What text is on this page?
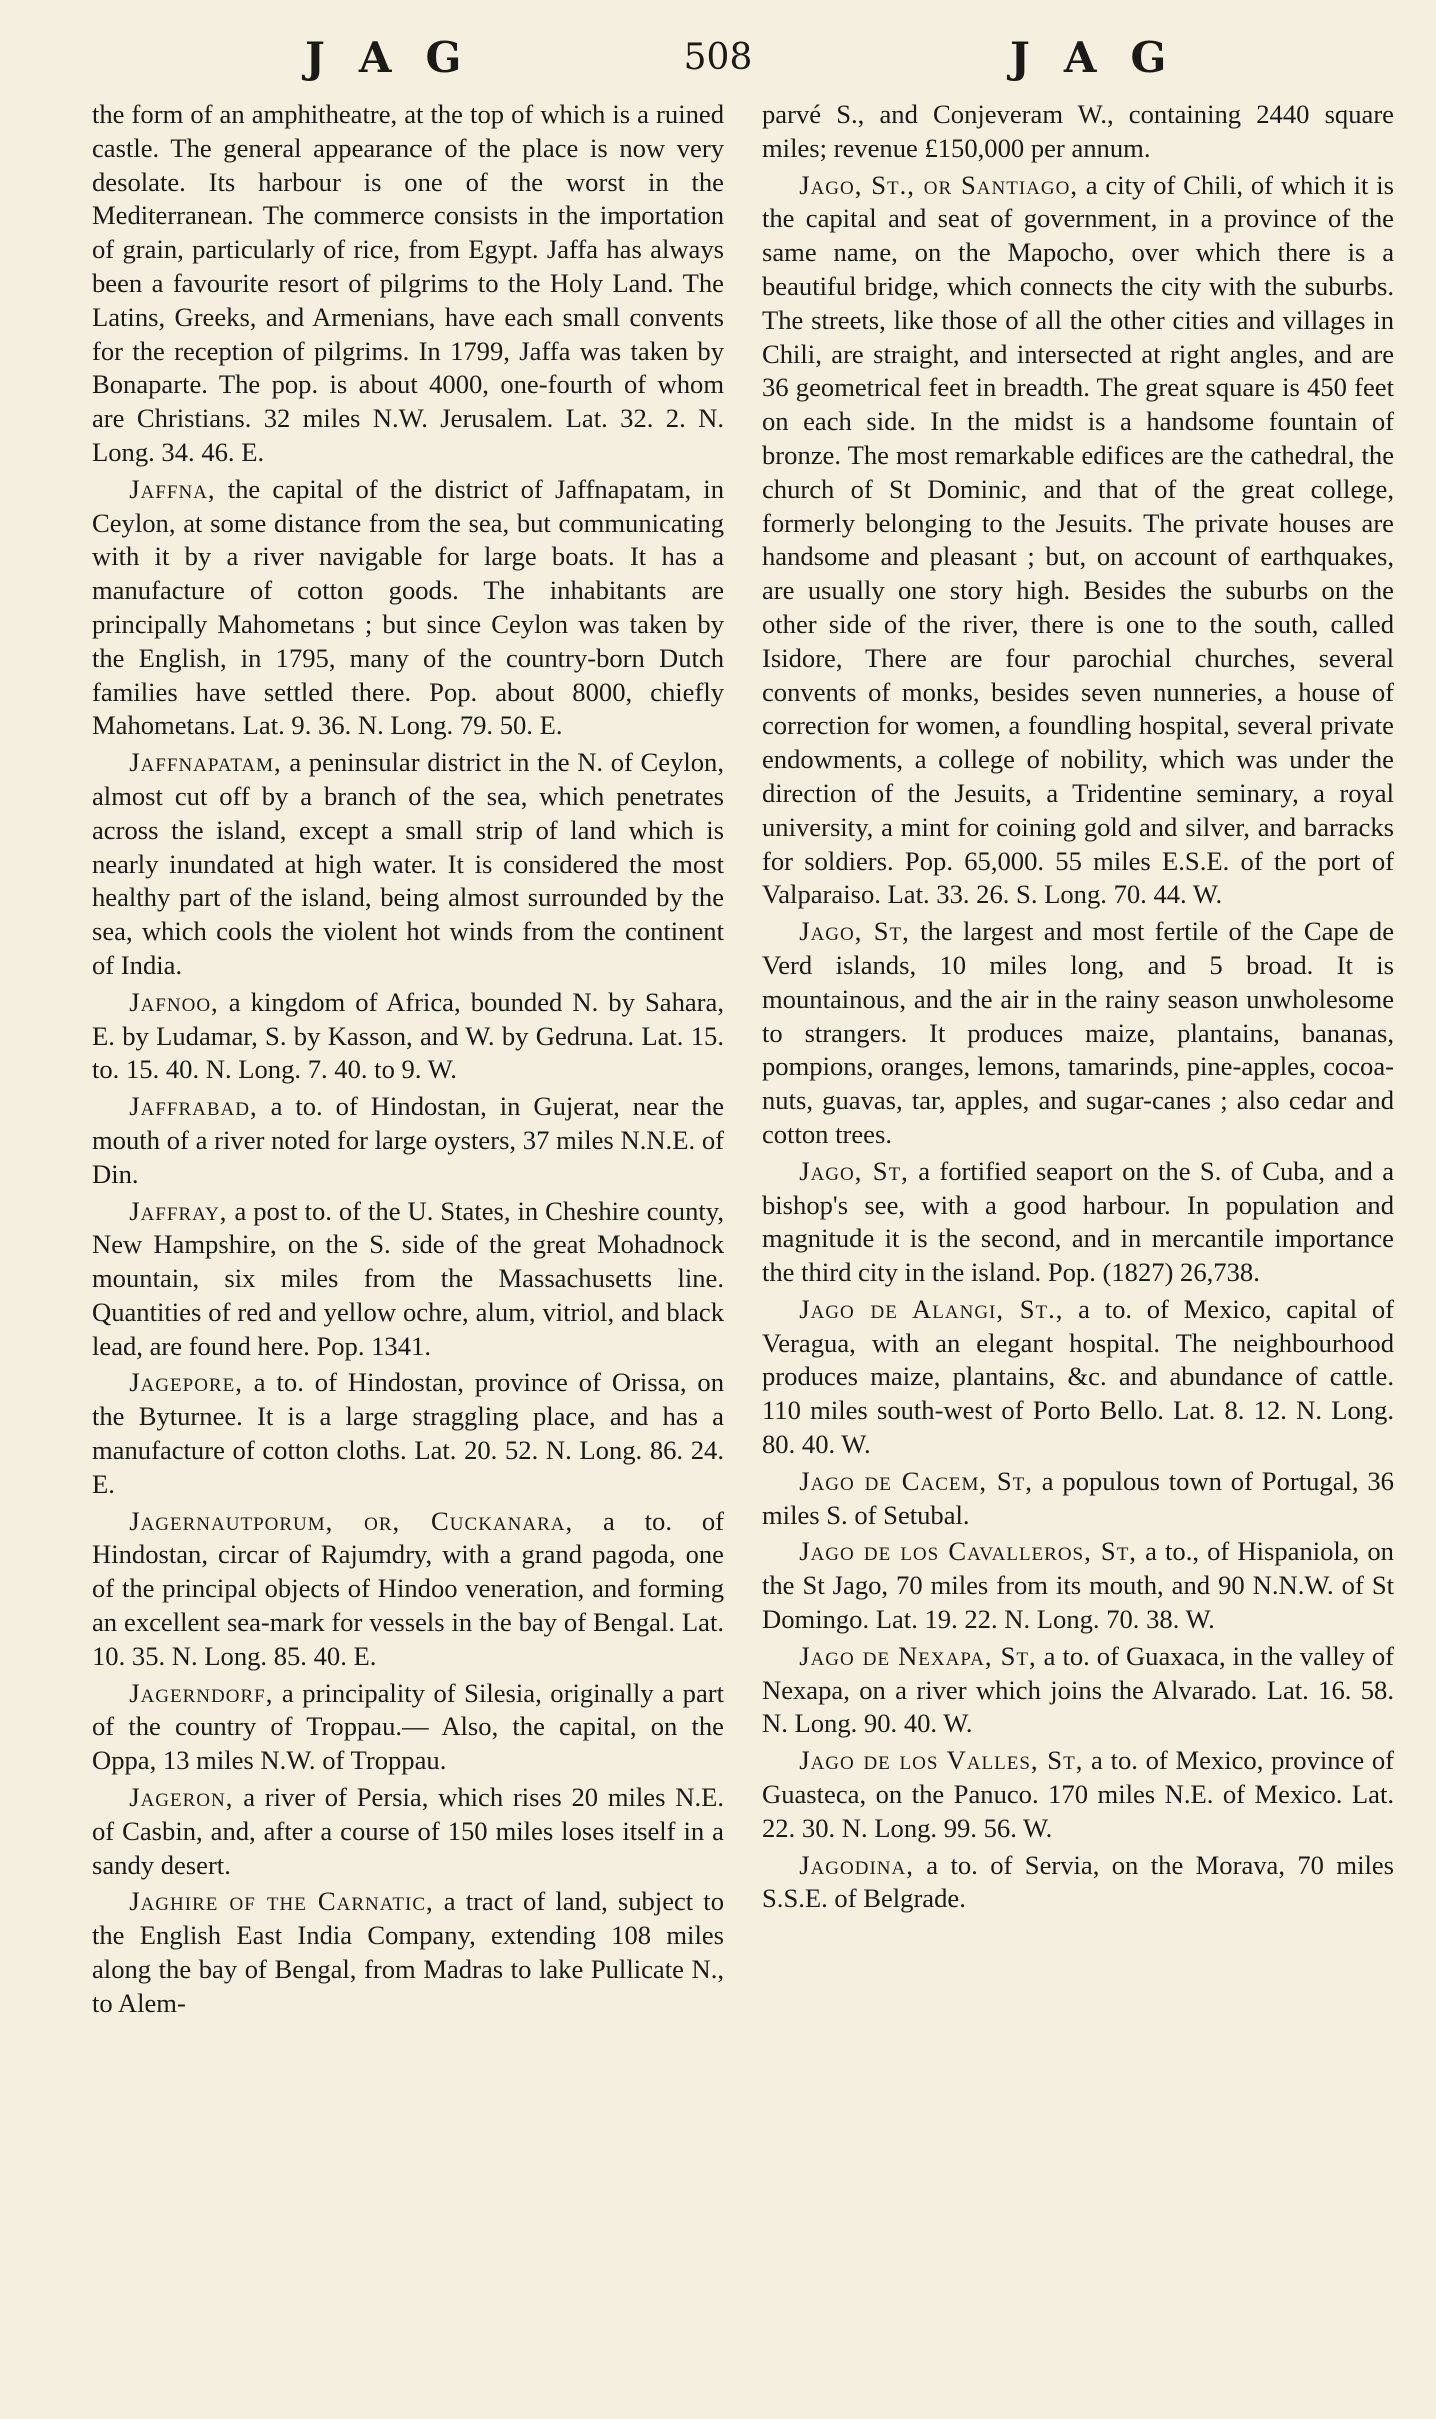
JAG	508	JAG

the form of an amphitheatre, at the top of which is a ruined castle. The general appearance of the place is now very desolate. Its harbour is one of the worst in the Mediterranean. The commerce consists in the importation of grain, particularly of rice, from Egypt. Jaffa has always been a favourite resort of pilgrims to the Holy Land. The Latins, Greeks, and Armenians, have each small convents for the reception of pilgrims. In 1799, Jaffa was taken by Bonaparte. The pop. is about 4000, one-fourth of whom are Christians. 32 miles N.W. Jerusalem. Lat. 32. 2. N. Long. 34. 46. E.

Jaffna, the capital of the district of Jaffnapatam, in Ceylon, at some distance from the sea, but communicating with it by a river navigable for large boats. It has a manufacture of cotton goods. The inhabitants are principally Mahometans ; but since Ceylon was taken by the English, in 1795, many of the country-born Dutch families have settled there. Pop. about 8000, chiefly Mahometans. Lat. 9. 36. N. Long. 79. 50. E.

Jaffnapatam, a peninsular district in the N. of Ceylon, almost cut off by a branch of the sea, which penetrates across the island, except a small strip of land which is nearly inundated at high water. It is considered the most healthy part of the island, being almost surrounded by the sea, which cools the violent hot winds from the continent of India.

Jafnoo, a kingdom of Africa, bounded N. by Sahara, E. by Ludamar, S. by Kasson, and W. by Gedruna. Lat. 15. to. 15. 40. N. Long. 7. 40. to 9. W.

Jaffrabad, a to. of Hindostan, in Gujerat, near the mouth of a river noted for large oysters, 37 miles N.N.E. of Din.

Jaffray, a post to. of the U. States, in Cheshire county, New Hampshire, on the S. side of the great Mohadnock mountain, six miles from the Massachusetts line. Quantities of red and yellow ochre, alum, vitriol, and black lead, are found here. Pop. 1341.

Jagepore, a to. of Hindostan, province of Orissa, on the Byturnee. It is a large straggling place, and has a manufacture of cotton cloths. Lat. 20. 52. N. Long. 86. 24. E.

Jagernautporum, or, Cuckanara, a to. of Hindostan, circar of Rajumdry, with a grand pagoda, one of the principal objects of Hindoo veneration, and forming an excellent sea-mark for vessels in the bay of Bengal. Lat. 10. 35. N. Long. 85. 40. E.

Jagerndorf, a principality of Silesia, originally a part of the country of Troppau.— Also, the capital, on the Oppa, 13 miles N.W. of Troppau.

Jageron, a river of Persia, which rises 20 miles N.E. of Casbin, and, after a course of 150 miles loses itself in a sandy desert.

Jaghire of the Carnatic, a tract of land, subject to the English East India Company, extending 108 miles along the bay of Bengal, from Madras to lake Pullicate N., to Alem-

parvé S., and Conjeveram W., containing 2440 square miles; revenue £150,000 per annum.

Jago, St., or Santiago, a city of Chili, of which it is the capital and seat of government, in a province of the same name, on the Mapocho, over which there is a beautiful bridge, which connects the city with the suburbs. The streets, like those of all the other cities and villages in Chili, are straight, and intersected at right angles, and are 36 geometrical feet in breadth. The great square is 450 feet on each side. In the midst is a handsome fountain of bronze. The most remarkable edifices are the cathedral, the church of St Dominic, and that of the great college, formerly belonging to the Jesuits. The private houses are handsome and pleasant ; but, on account of earthquakes, are usually one story high. Besides the suburbs on the other side of the river, there is one to the south, called Isidore, There are four parochial churches, several convents of monks, besides seven nunneries, a house of correction for women, a foundling hospital, several private endowments, a college of nobility, which was under the direction of the Jesuits, a Tridentine seminary, a royal university, a mint for coining gold and silver, and barracks for soldiers. Pop. 65,000. 55 miles E.S.E. of the port of Valparaiso. Lat. 33. 26. S. Long. 70. 44. W.

Jago, St, the largest and most fertile of the Cape de Verd islands, 10 miles long, and 5 broad. It is mountainous, and the air in the rainy season unwholesome to strangers. It produces maize, plantains, bananas, pompions, oranges, lemons, tamarinds, pine-apples, cocoa-nuts, guavas, tar, apples, and sugar-canes ; also cedar and cotton trees.

Jago, St, a fortified seaport on the S. of Cuba, and a bishop's see, with a good harbour. In population and magnitude it is the second, and in mercantile importance the third city in the island. Pop. (1827) 26,738.

Jago de Alangi, St., a to. of Mexico, capital of Veragua, with an elegant hospital. The neighbourhood produces maize, plantains, &c. and abundance of cattle. 110 miles south-west of Porto Bello. Lat. 8. 12. N. Long. 80. 40. W.

Jago de Cacem, St, a populous town of Portugal, 36 miles S. of Setubal.

Jago de los Cavalleros, St, a to., of Hispaniola, on the St Jago, 70 miles from its mouth, and 90 N.N.W. of St Domingo. Lat. 19. 22. N. Long. 70. 38. W.

Jago de Nexapa, St, a to. of Guaxaca, in the valley of Nexapa, on a river which joins the Alvarado. Lat. 16. 58. N. Long. 90. 40. W.

Jago de los Valles, St, a to. of Mexico, province of Guasteca, on the Panuco. 170 miles N.E. of Mexico. Lat. 22. 30. N. Long. 99. 56. W.

Jagodina, a to. of Servia, on the Morava, 70 miles S.S.E. of Belgrade.
